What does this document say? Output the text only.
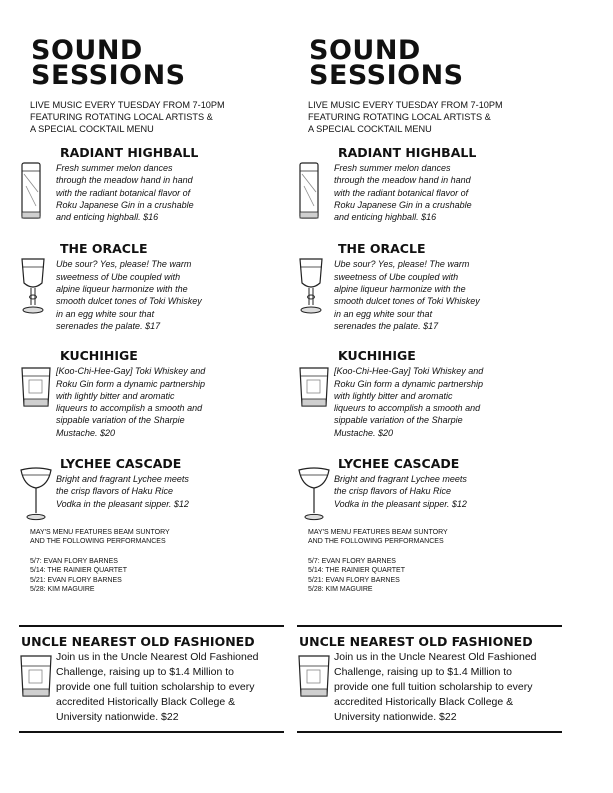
SOUND
SESSIONS
LIVE MUSIC EVERY TUESDAY FROM 7-10PM
FEATURING ROTATING LOCAL ARTISTS &
A SPECIAL COCKTAIL MENU
RADIANT HIGHBALL
Fresh summer melon dances
through the meadow hand in hand
with the radiant botanical flavor of
Roku Japanese Gin in a crushable
and enticing highball. $16
THE ORACLE
Ube sour? Yes, please! The warm
sweetness of Ube coupled with
alpine liqueur harmonize with the
smooth dulcet tones of Toki Whiskey
in an egg white sour that
serenades the palate. $17
KUCHIHIGE
[Koo-Chi-Hee-Gay] Toki Whiskey and
Roku Gin form a dynamic partnership
with lightly bitter and aromatic
liqueurs to accomplish a smooth and
sippable variation of the Sharpie
Mustache. $20
LYCHEE CASCADE
Bright and fragrant Lychee meets
the crisp flavors of Haku Rice
Vodka in the pleasant sipper. $12
MAY'S MENU FEATURES BEAM SUNTORY
AND THE FOLLOWING PERFORMANCES
5/7: EVAN FLORY BARNES
5/14: THE RAINIER QUARTET
5/21: EVAN FLORY BARNES
5/28: KIM MAGUIRE
UNCLE NEAREST OLD FASHIONED
Join us in the Uncle Nearest Old Fashioned
Challenge, raising up to $1.4 Million to
provide one full tuition scholarship to every
accredited Historically Black College &
University nationwide. $22
SOUND
SESSIONS
LIVE MUSIC EVERY TUESDAY FROM 7-10PM
FEATURING ROTATING LOCAL ARTISTS &
A SPECIAL COCKTAIL MENU
RADIANT HIGHBALL
Fresh summer melon dances
through the meadow hand in hand
with the radiant botanical flavor of
Roku Japanese Gin in a crushable
and enticing highball. $16
THE ORACLE
Ube sour? Yes, please! The warm
sweetness of Ube coupled with
alpine liqueur harmonize with the
smooth dulcet tones of Toki Whiskey
in an egg white sour that
serenades the palate. $17
KUCHIHIGE
[Koo-Chi-Hee-Gay] Toki Whiskey and
Roku Gin form a dynamic partnership
with lightly bitter and aromatic
liqueurs to accomplish a smooth and
sippable variation of the Sharpie
Mustache. $20
LYCHEE CASCADE
Bright and fragrant Lychee meets
the crisp flavors of Haku Rice
Vodka in the pleasant sipper. $12
MAY'S MENU FEATURES BEAM SUNTORY
AND THE FOLLOWING PERFORMANCES
5/7: EVAN FLORY BARNES
5/14: THE RAINIER QUARTET
5/21: EVAN FLORY BARNES
5/28: KIM MAGUIRE
UNCLE NEAREST OLD FASHIONED
Join us in the Uncle Nearest Old Fashioned
Challenge, raising up to $1.4 Million to
provide one full tuition scholarship to every
accredited Historically Black College &
University nationwide. $22
